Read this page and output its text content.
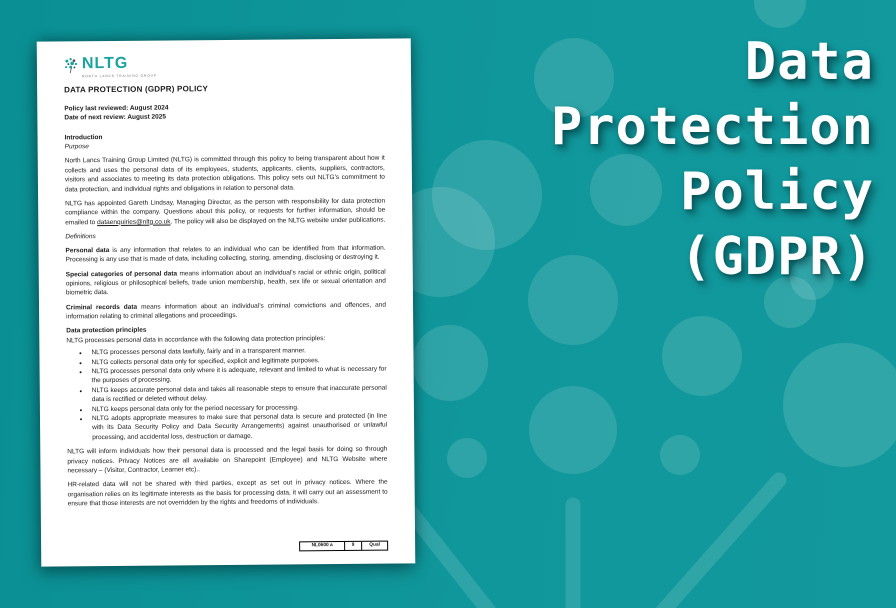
Data
Protection
Policy
(GDPR)
NLTG
NORTH LANCS TRAINING GROUP
DATA PROTECTION (GDPR) POLICY
Policy last reviewed: August 2024
Date of next review: August 2025
Introduction
Purpose
North Lancs Training Group Limited (NLTG) is committed through this policy to being transparent about how it collects and uses the personal data of its employees, students, applicants, clients, suppliers, contractors, visitors and associates to meeting its data protection obligations. This policy sets out NLTG’s commitment to data protection, and individual rights and obligations in relation to personal data.
NLTG has appointed Gareth Lindsay, Managing Director, as the person with responsibility for data protection compliance within the company. Questions about this policy, or requests for further information, should be emailed to dataenquiries@nltg.co.uk. The policy will also be displayed on the NLTG website under publications.
Definitions
Personal data is any information that relates to an individual who can be identified from that information. Processing is any use that is made of data, including collecting, storing, amending, disclosing or destroying it.
Special categories of personal data means information about an individual’s racial or ethnic origin, political opinions, religious or philosophical beliefs, trade union membership, health, sex life or sexual orientation and biometric data.
Criminal records data means information about an individual’s criminal convictions and offences, and information relating to criminal allegations and proceedings.
Data protection principles
NLTG processes personal data in accordance with the following data protection principles:
• NLTG processes personal data lawfully, fairly and in a transparent manner.
• NLTG collects personal data only for specified, explicit and legitimate purposes.
• NLTG processes personal data only where it is adequate, relevant and limited to what is necessary for the purposes of processing.
• NLTG keeps accurate personal data and takes all reasonable steps to ensure that inaccurate personal data is rectified or deleted without delay.
• NLTG keeps personal data only for the period necessary for processing.
• NLTG adopts appropriate measures to make sure that personal data is secure and protected (in line with its Data Security Policy and Data Security Arrangements) against unauthorised or unlawful processing, and accidental loss, destruction or damage.
NLTG will inform individuals how their personal data is processed and the legal basis for doing so through privacy notices. Privacy Notices are all available on Sharepoint (Employee) and NLTG Website where necessary – (Visitor, Contractor, Learner etc)..
HR-related data will not be shared with third parties, except as set out in privacy notices. Where the organisation relies on its legitimate interests as the basis for processing data, it will carry out an assessment to ensure that those interests are not overridden by the rights and freedoms of individuals.
NL0600 a	9	Qual
